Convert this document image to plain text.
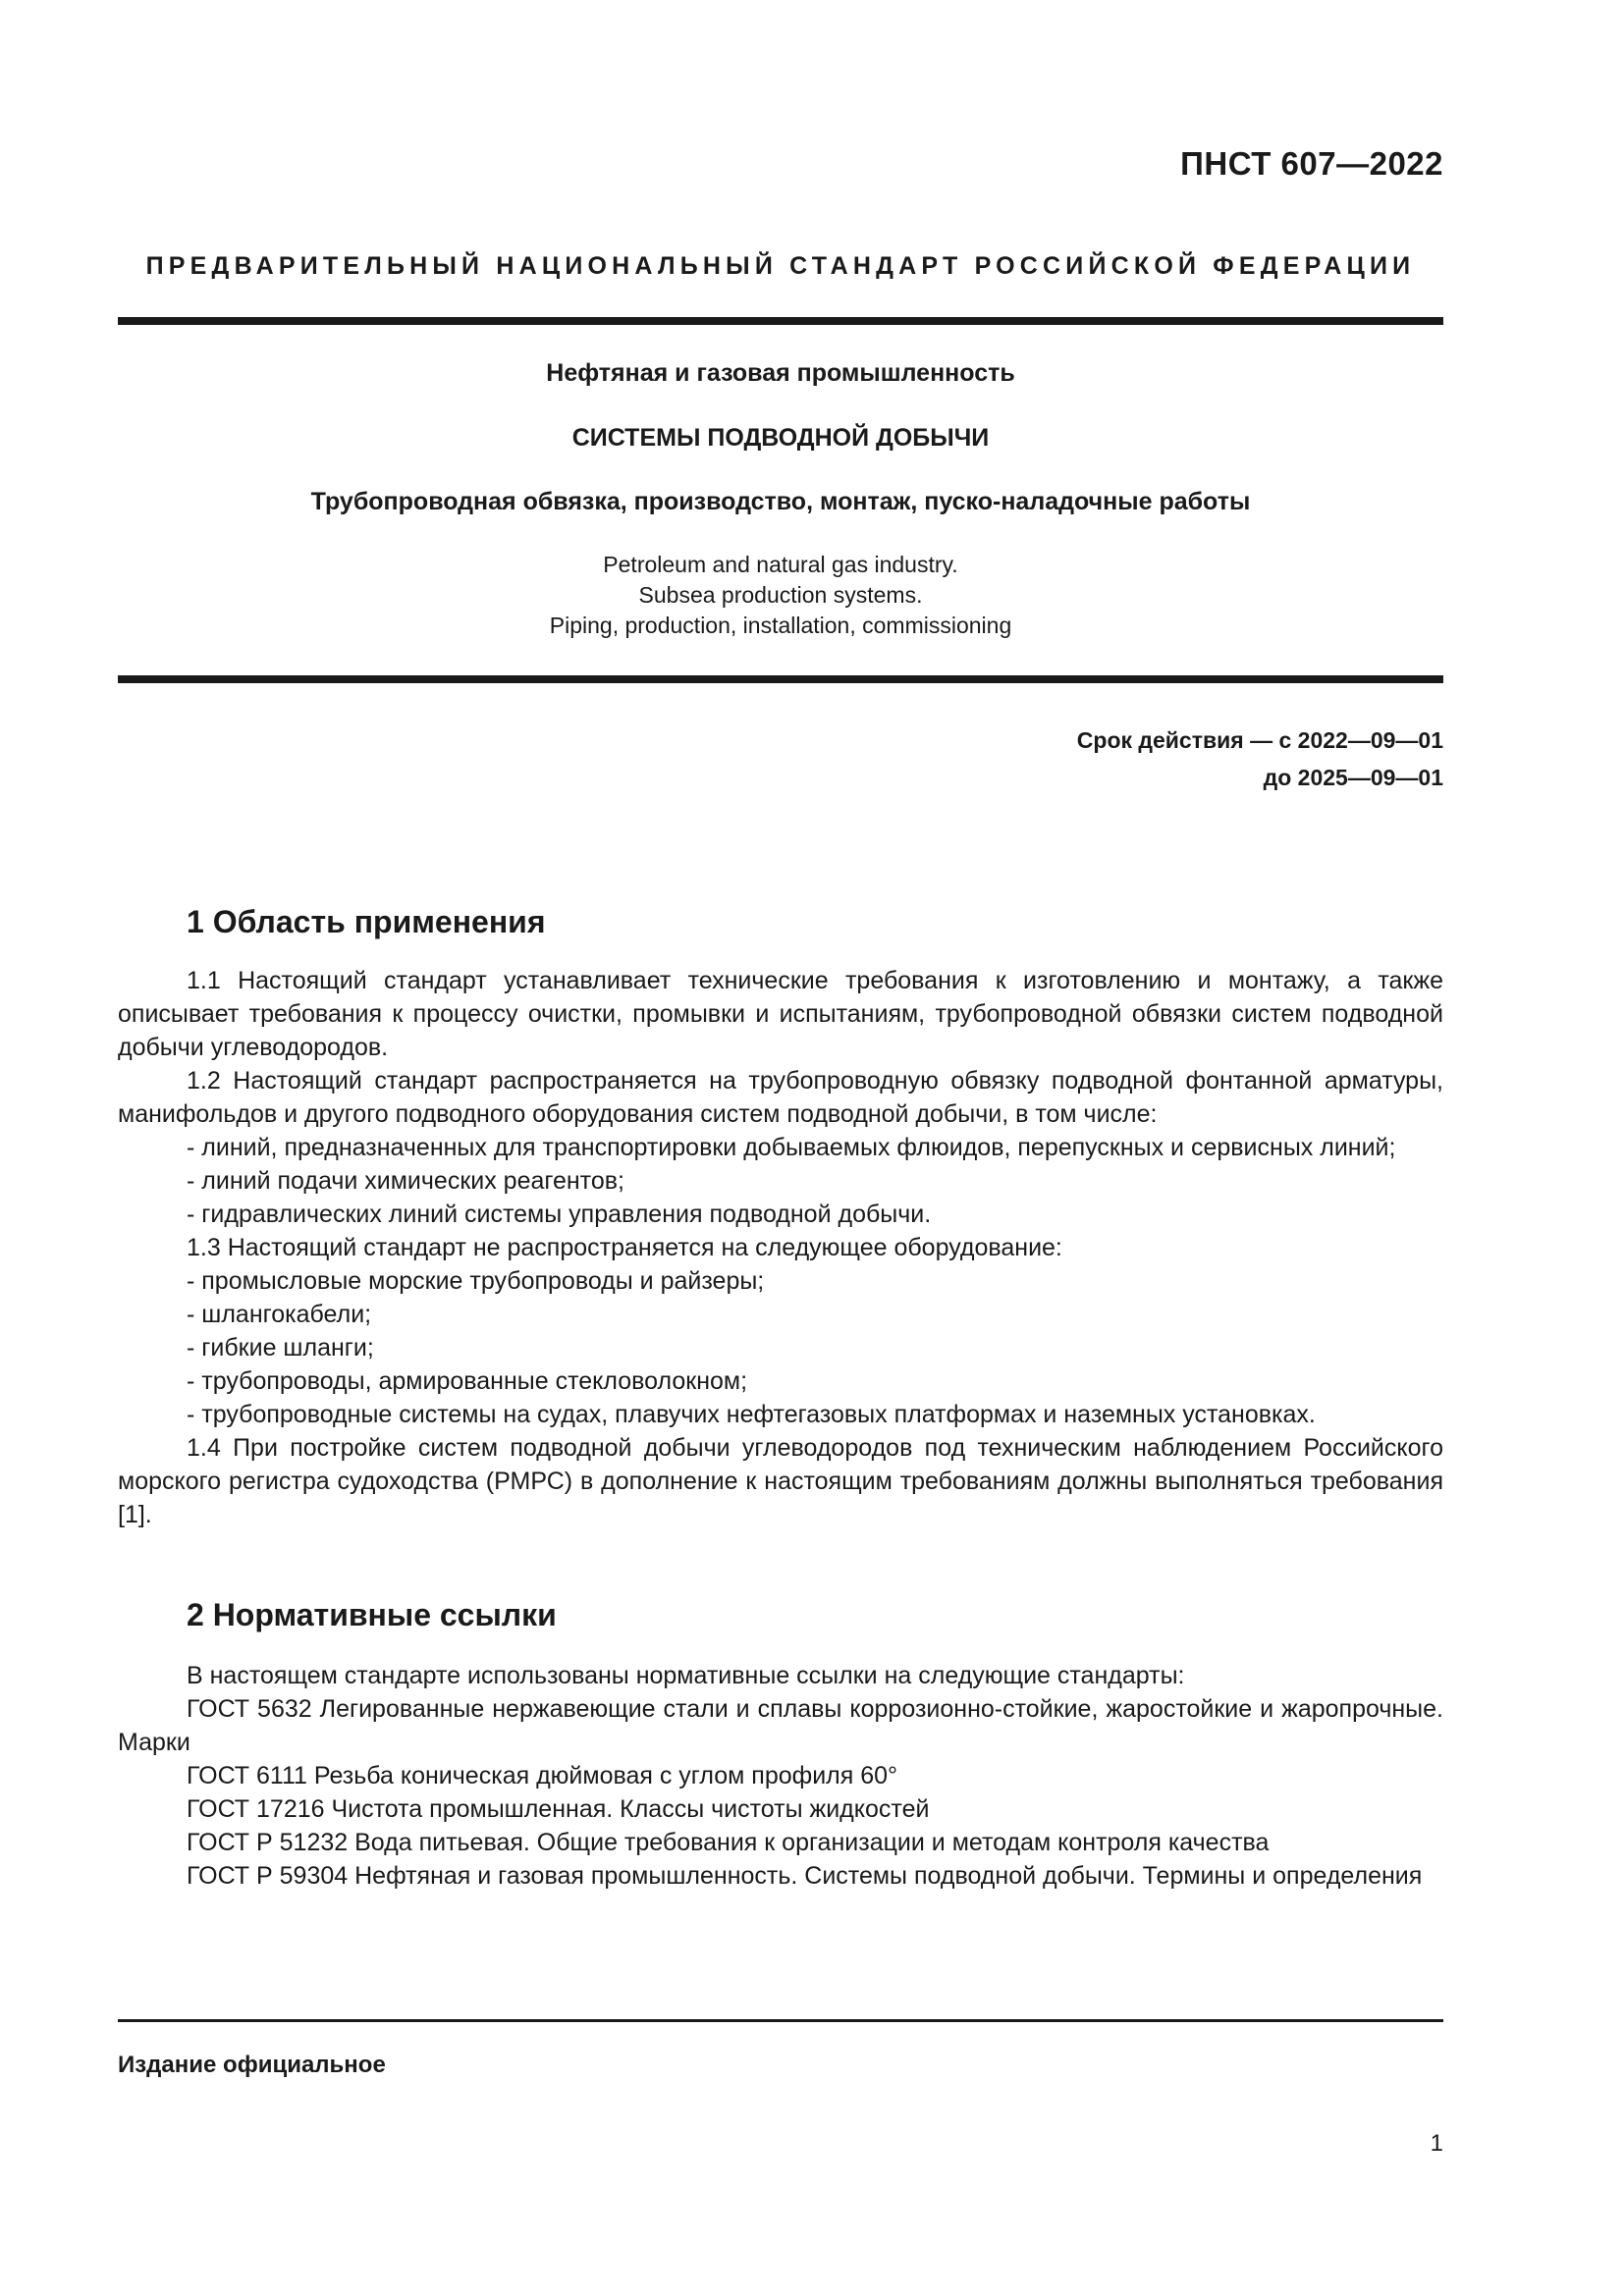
ПНСТ 607—2022
ПРЕДВАРИТЕЛЬНЫЙ НАЦИОНАЛЬНЫЙ СТАНДАРТ РОССИЙСКОЙ ФЕДЕРАЦИИ
Нефтяная и газовая промышленность
СИСТЕМЫ ПОДВОДНОЙ ДОБЫЧИ
Трубопроводная обвязка, производство, монтаж, пуско-наладочные работы
Petroleum and natural gas industry.
Subsea production systems.
Piping, production, installation, commissioning
Срок действия — с 2022—09—01
до 2025—09—01
1 Область применения

1.1 Настоящий стандарт устанавливает технические требования к изготовлению и монтажу, а также описывает требования к процессу очистки, промывки и испытаниям, трубопроводной обвязки систем подводной добычи углеводородов.

1.2 Настоящий стандарт распространяется на трубопроводную обвязку подводной фонтанной арматуры, манифольдов и другого подводного оборудования систем подводной добычи, в том числе:

- линий, предназначенных для транспортировки добываемых флюидов, перепускных и сервисных линий;

- линий подачи химических реагентов;

- гидравлических линий системы управления подводной добычи.

1.3 Настоящий стандарт не распространяется на следующее оборудование:

- промысловые морские трубопроводы и райзеры;

- шлангокабели;

- гибкие шланги;

- трубопроводы, армированные стекловолокном;

- трубопроводные системы на судах, плавучих нефтегазовых платформах и наземных установках.

1.4 При постройке систем подводной добычи углеводородов под техническим наблюдением Российского морского регистра судоходства (РМРС) в дополнение к настоящим требованиям должны выполняться требования [1].

2 Нормативные ссылки

В настоящем стандарте использованы нормативные ссылки на следующие стандарты:

ГОСТ 5632 Легированные нержавеющие стали и сплавы коррозионно-стойкие, жаростойкие и жаропрочные. Марки

ГОСТ 6111 Резьба коническая дюймовая с углом профиля 60°

ГОСТ 17216 Чистота промышленная. Классы чистоты жидкостей

ГОСТ Р 51232 Вода питьевая. Общие требования к организации и методам контроля качества

ГОСТ Р 59304 Нефтяная и газовая промышленность. Системы подводной добычи. Термины и определения

Издание официальное
1
